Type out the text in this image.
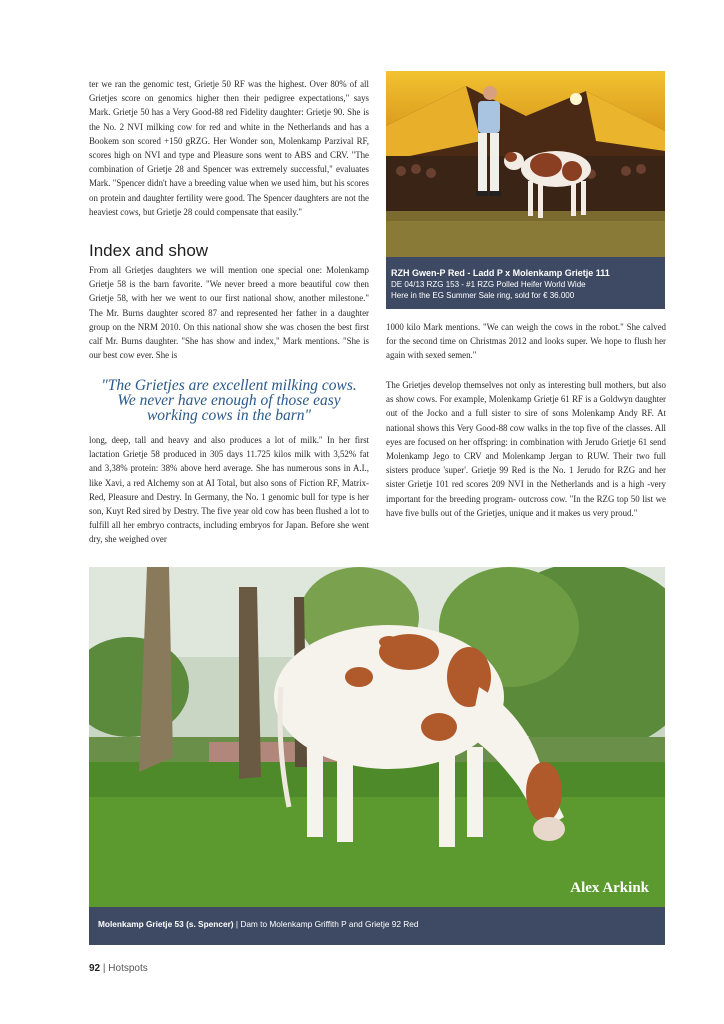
ter we ran the genomic test, Grietje 50 RF was the highest. Over 80% of all Grietjes score on genomics higher then their pedigree expectations," says Mark. Grietje 50 has a Very Good-88 red Fidelity daughter: Grietje 90. She is the No. 2 NVI milking cow for red and white in the Netherlands and has a Bookem son scored +150 gRZG. Her Wonder son, Molenkamp Parzival RF, scores high on NVI and type and Pleasure sons went to ABS and CRV. "The combination of Grietje 28 and Spencer was extremely successful," evaluates Mark. "Spencer didn't have a breeding value when we used him, but his scores on protein and daughter fertility were good. The Spencer daughters are not the heaviest cows, but Grietje 28 could compensate that easily."

Index and show

From all Grietjes daughters we will mention one special one: Molenkamp Grietje 58 is the barn favorite. "We never breed a more beautiful cow then Grietje 58, with her we went to our first national show, another milestone." The Mr. Burns daughter scored 87 and represented her father in a daughter group on the NRM 2010. On this national show she was chosen the best first calf Mr. Burns daughter. "She has show and index," Mark mentions. "She is our best cow ever. She is

"The Grietjes are excellent milking cows.
We never have enough of those easy
working cows in the barn"

long, deep, tall and heavy and also produces a lot of milk." In her first lactation Grietje 58 produced in 305 days 11.725 kilos milk with 3,52% fat and 3,38% protein: 38% above herd average. She has numerous sons in A.I., like Xavi, a red Alchemy son at AI Total, but also sons of Fiction RF, Matrix-Red, Pleasure and Destry. In Germany, the No. 1 genomic bull for type is her son, Kuyt Red sired by Destry. The five year old cow has been flushed a lot to fulfill all her embryo contracts, including embryos for Japan. Before she went dry, she weighed over

RZH Gwen-P Red - Ladd P x Molenkamp Grietje 111
DE 04/13 RZG 153 - #1 RZG Polled Heifer World Wide
Here in the EG Summer Sale ring, sold for € 36.000

1000 kilo Mark mentions. "We can weigh the cows in the robot." She calved for the second time on Christmas 2012 and looks super. We hope to flush her again with sexed semen."

The Grietjes develop themselves not only as interesting bull mothers, but also as show cows. For example, Molenkamp Grietje 61 RF is a Goldwyn daughter out of the Jocko and a full sister to sire of sons Molenkamp Andy RF. At national shows this Very Good-88 cow walks in the top five of the classes. All eyes are focused on her offspring: in combination with Jerudo Grietje 61 send Molenkamp Jego to CRV and Molenkamp Jergan to RUW. Their two full sisters produce 'super'. Grietje 99 Red is the No. 1 Jerudo for RZG and her sister Grietje 101 red scores 209 NVI in the Netherlands and is a high -very important for the breeding program- outcross cow. "In the RZG top 50 list we have five bulls out of the Grietjes, unique and it makes us very proud."

Alex Arkink
Molenkamp Grietje 53 (s. Spencer) | Dam to Molenkamp Griffith P and Grietje 92 Red
92 | Hotspots
